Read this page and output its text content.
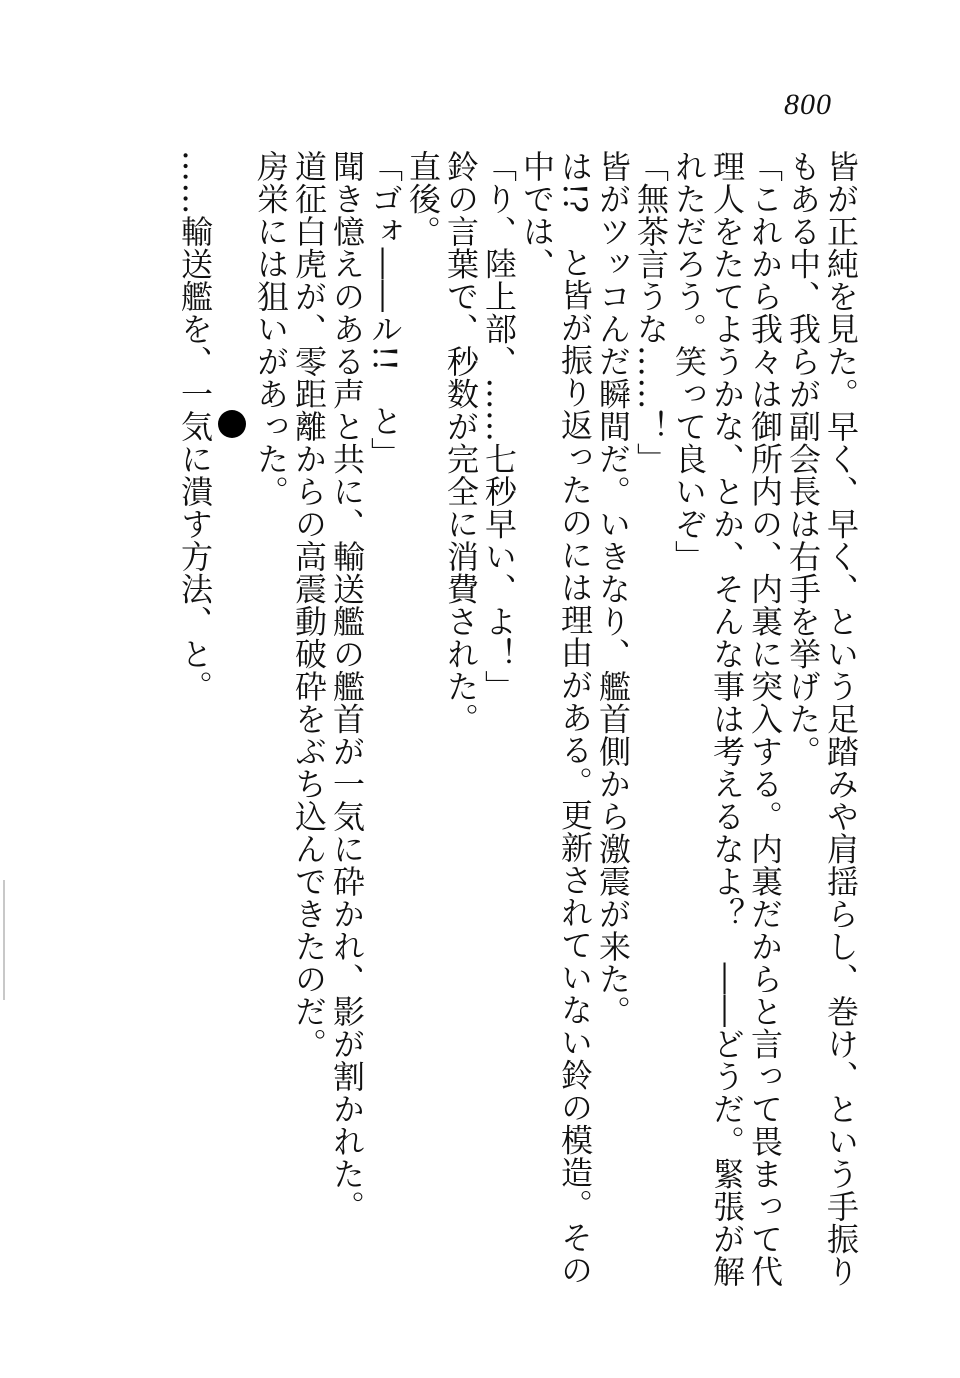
800

皆が正純を見た。早く、早く、という足踏みや肩揺らし、巻け、という手振りもある中、我らが副会長は右手を挙げた。

「これから我々は御所内の、内裏に突入する。内裏だからと言って畏まって代理人をたてようかな、とか、そんな事は考えるなよ？　――どうだ。緊張が解れただろう。笑って良いぞ」

「無茶言うな……！」

皆がツッコんだ瞬間だ。いきなり、艦首側から激震が来た。

は!?　と皆が振り返ったのには理由がある。更新されていない鈴の模造。その中では、

「り、陸上部、……七秒早い、よ！」

鈴の言葉で、秒数が完全に消費された。

直後。

「ゴォ――ル!!　と」

聞き憶えのある声と共に、輸送艦の艦首が一気に砕かれ、影が割かれた。

道征白虎が、零距離からの高震動破砕をぶち込んできたのだ。

房栄には狙いがあった。

……輸送艦を、一気に潰す方法、と。
